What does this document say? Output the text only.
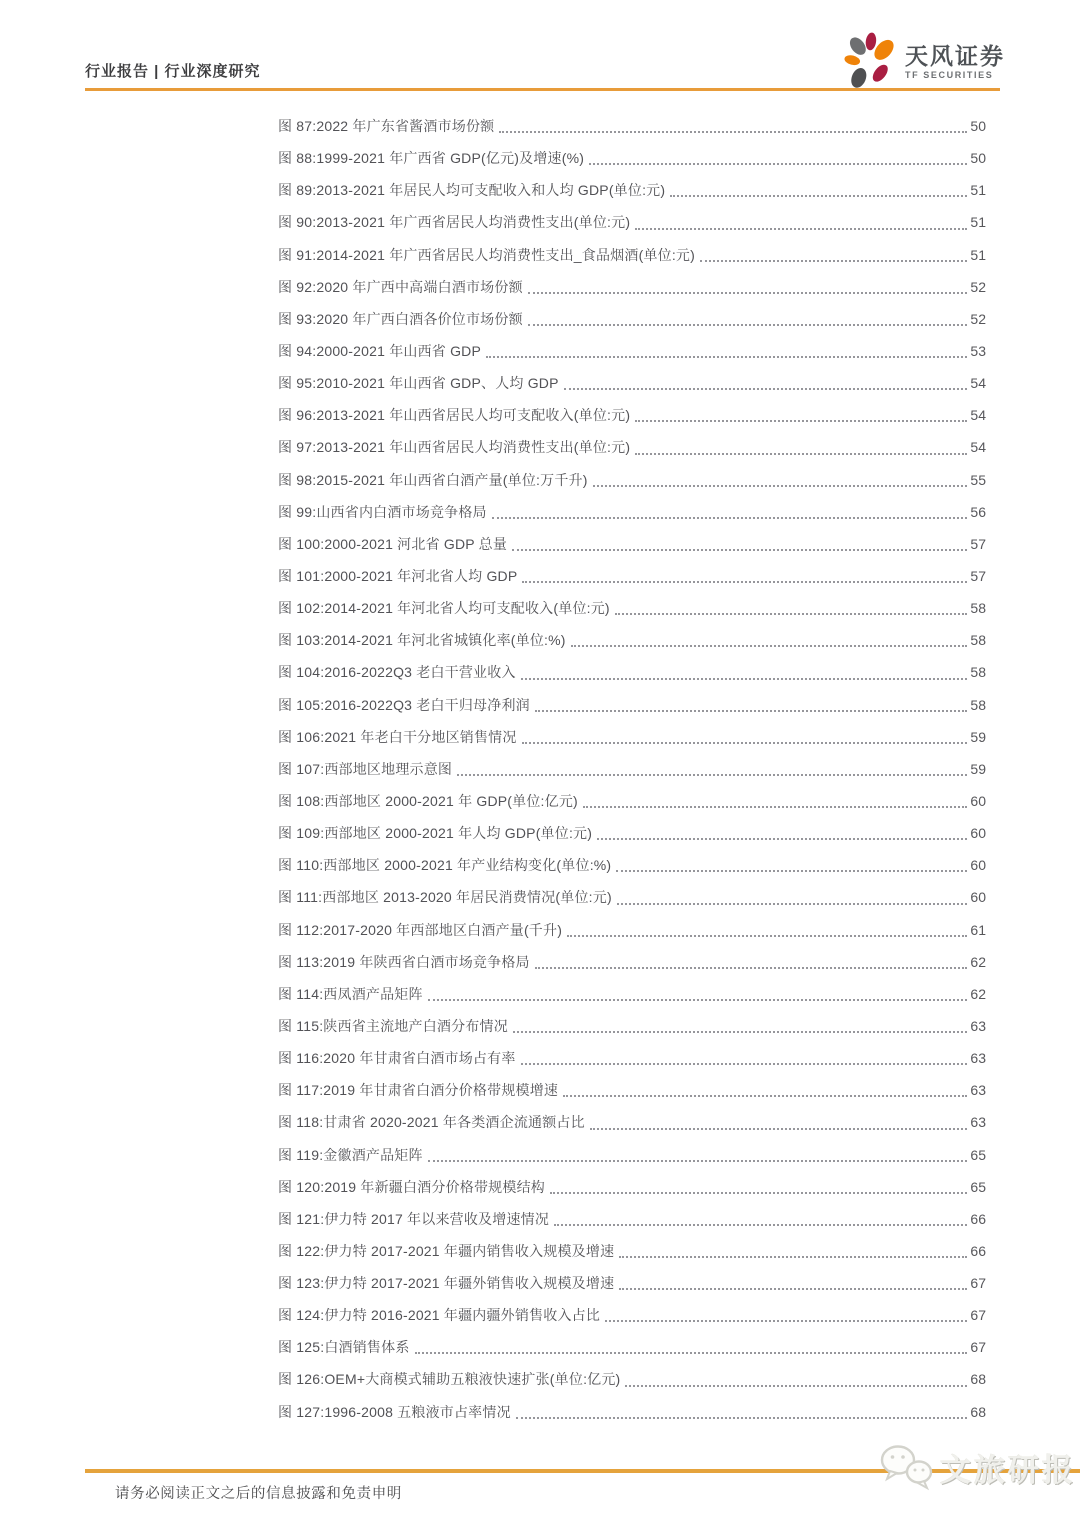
行业报告 | 行业深度研究
天风证券
TF SECURITIES
图 87:2022 年广东省酱酒市场份额	50
图 88:1999-2021 年广西省 GDP(亿元)及增速(%)	50
图 89:2013-2021 年居民人均可支配收入和人均 GDP(单位:元)	51
图 90:2013-2021 年广西省居民人均消费性支出(单位:元)	51
图 91:2014-2021 年广西省居民人均消费性支出_食品烟酒(单位:元)	51
图 92:2020 年广西中高端白酒市场份额	52
图 93:2020 年广西白酒各价位市场份额	52
图 94:2000-2021 年山西省 GDP	53
图 95:2010-2021 年山西省 GDP、人均 GDP	54
图 96:2013-2021 年山西省居民人均可支配收入(单位:元)	54
图 97:2013-2021 年山西省居民人均消费性支出(单位:元)	54
图 98:2015-2021 年山西省白酒产量(单位:万千升)	55
图 99:山西省内白酒市场竞争格局	56
图 100:2000-2021 河北省 GDP 总量	57
图 101:2000-2021 年河北省人均 GDP	57
图 102:2014-2021 年河北省人均可支配收入(单位:元)	58
图 103:2014-2021 年河北省城镇化率(单位:%)	58
图 104:2016-2022Q3 老白干营业收入	58
图 105:2016-2022Q3 老白干归母净利润	58
图 106:2021 年老白干分地区销售情况	59
图 107:西部地区地理示意图	59
图 108:西部地区 2000-2021 年 GDP(单位:亿元)	60
图 109:西部地区 2000-2021 年人均 GDP(单位:元)	60
图 110:西部地区 2000-2021 年产业结构变化(单位:%)	60
图 111:西部地区 2013-2020 年居民消费情况(单位:元)	60
图 112:2017-2020 年西部地区白酒产量(千升)	61
图 113:2019 年陕西省白酒市场竞争格局	62
图 114:西凤酒产品矩阵	62
图 115:陕西省主流地产白酒分布情况	63
图 116:2020 年甘肃省白酒市场占有率	63
图 117:2019 年甘肃省白酒分价格带规模增速	63
图 118:甘肃省 2020-2021 年各类酒企流通额占比	63
图 119:金徽酒产品矩阵	65
图 120:2019 年新疆白酒分价格带规模结构	65
图 121:伊力特 2017 年以来营收及增速情况	66
图 122:伊力特 2017-2021 年疆内销售收入规模及增速	66
图 123:伊力特 2017-2021 年疆外销售收入规模及增速	67
图 124:伊力特 2016-2021 年疆内疆外销售收入占比	67
图 125:白酒销售体系	67
图 126:OEM+大商模式辅助五粮液快速扩张(单位:亿元)	68
图 127:1996-2008 五粮液市占率情况	68
请务必阅读正文之后的信息披露和免责申明
文旅研报
